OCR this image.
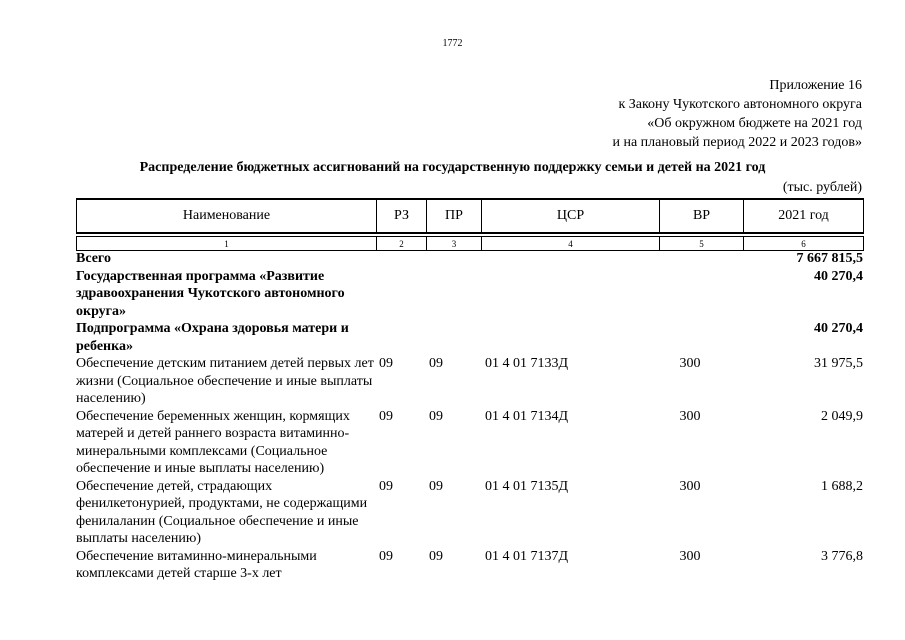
1772
Приложение 16
к Закону Чукотского автономного округа
«Об окружном бюджете на 2021 год
и на плановый период 2022 и 2023 годов»
Распределение бюджетных ассигнований на государственную поддержку семьи и детей на 2021 год
(тыс. рублей)
Наименование	РЗ	ПР	ЦСР	ВР	2021 год

1	2	3	4	5	6
Всего					7 667 815,5
Государственная программа «Развитие здравоохранения Чукотского автономного округа»					40 270,4
Подпрограмма «Охрана здоровья матери и ребенка»					40 270,4
Обеспечение детским питанием детей первых лет жизни (Социальное обеспечение и иные выплаты населению)	09	09	01 4 01 7133Д	300	31 975,5
Обеспечение беременных женщин, кормящих матерей и детей раннего возраста витаминно-минеральными комплексами (Социальное обеспечение и иные выплаты населению)	09	09	01 4 01 7134Д	300	2 049,9
Обеспечение детей, страдающих фенилкетонурией, продуктами, не содержащими фенилаланин (Социальное обеспечение и иные выплаты населению)	09	09	01 4 01 7135Д	300	1 688,2
Обеспечение витаминно-минеральными комплексами детей старше 3-х лет	09	09	01 4 01 7137Д	300	3 776,8
